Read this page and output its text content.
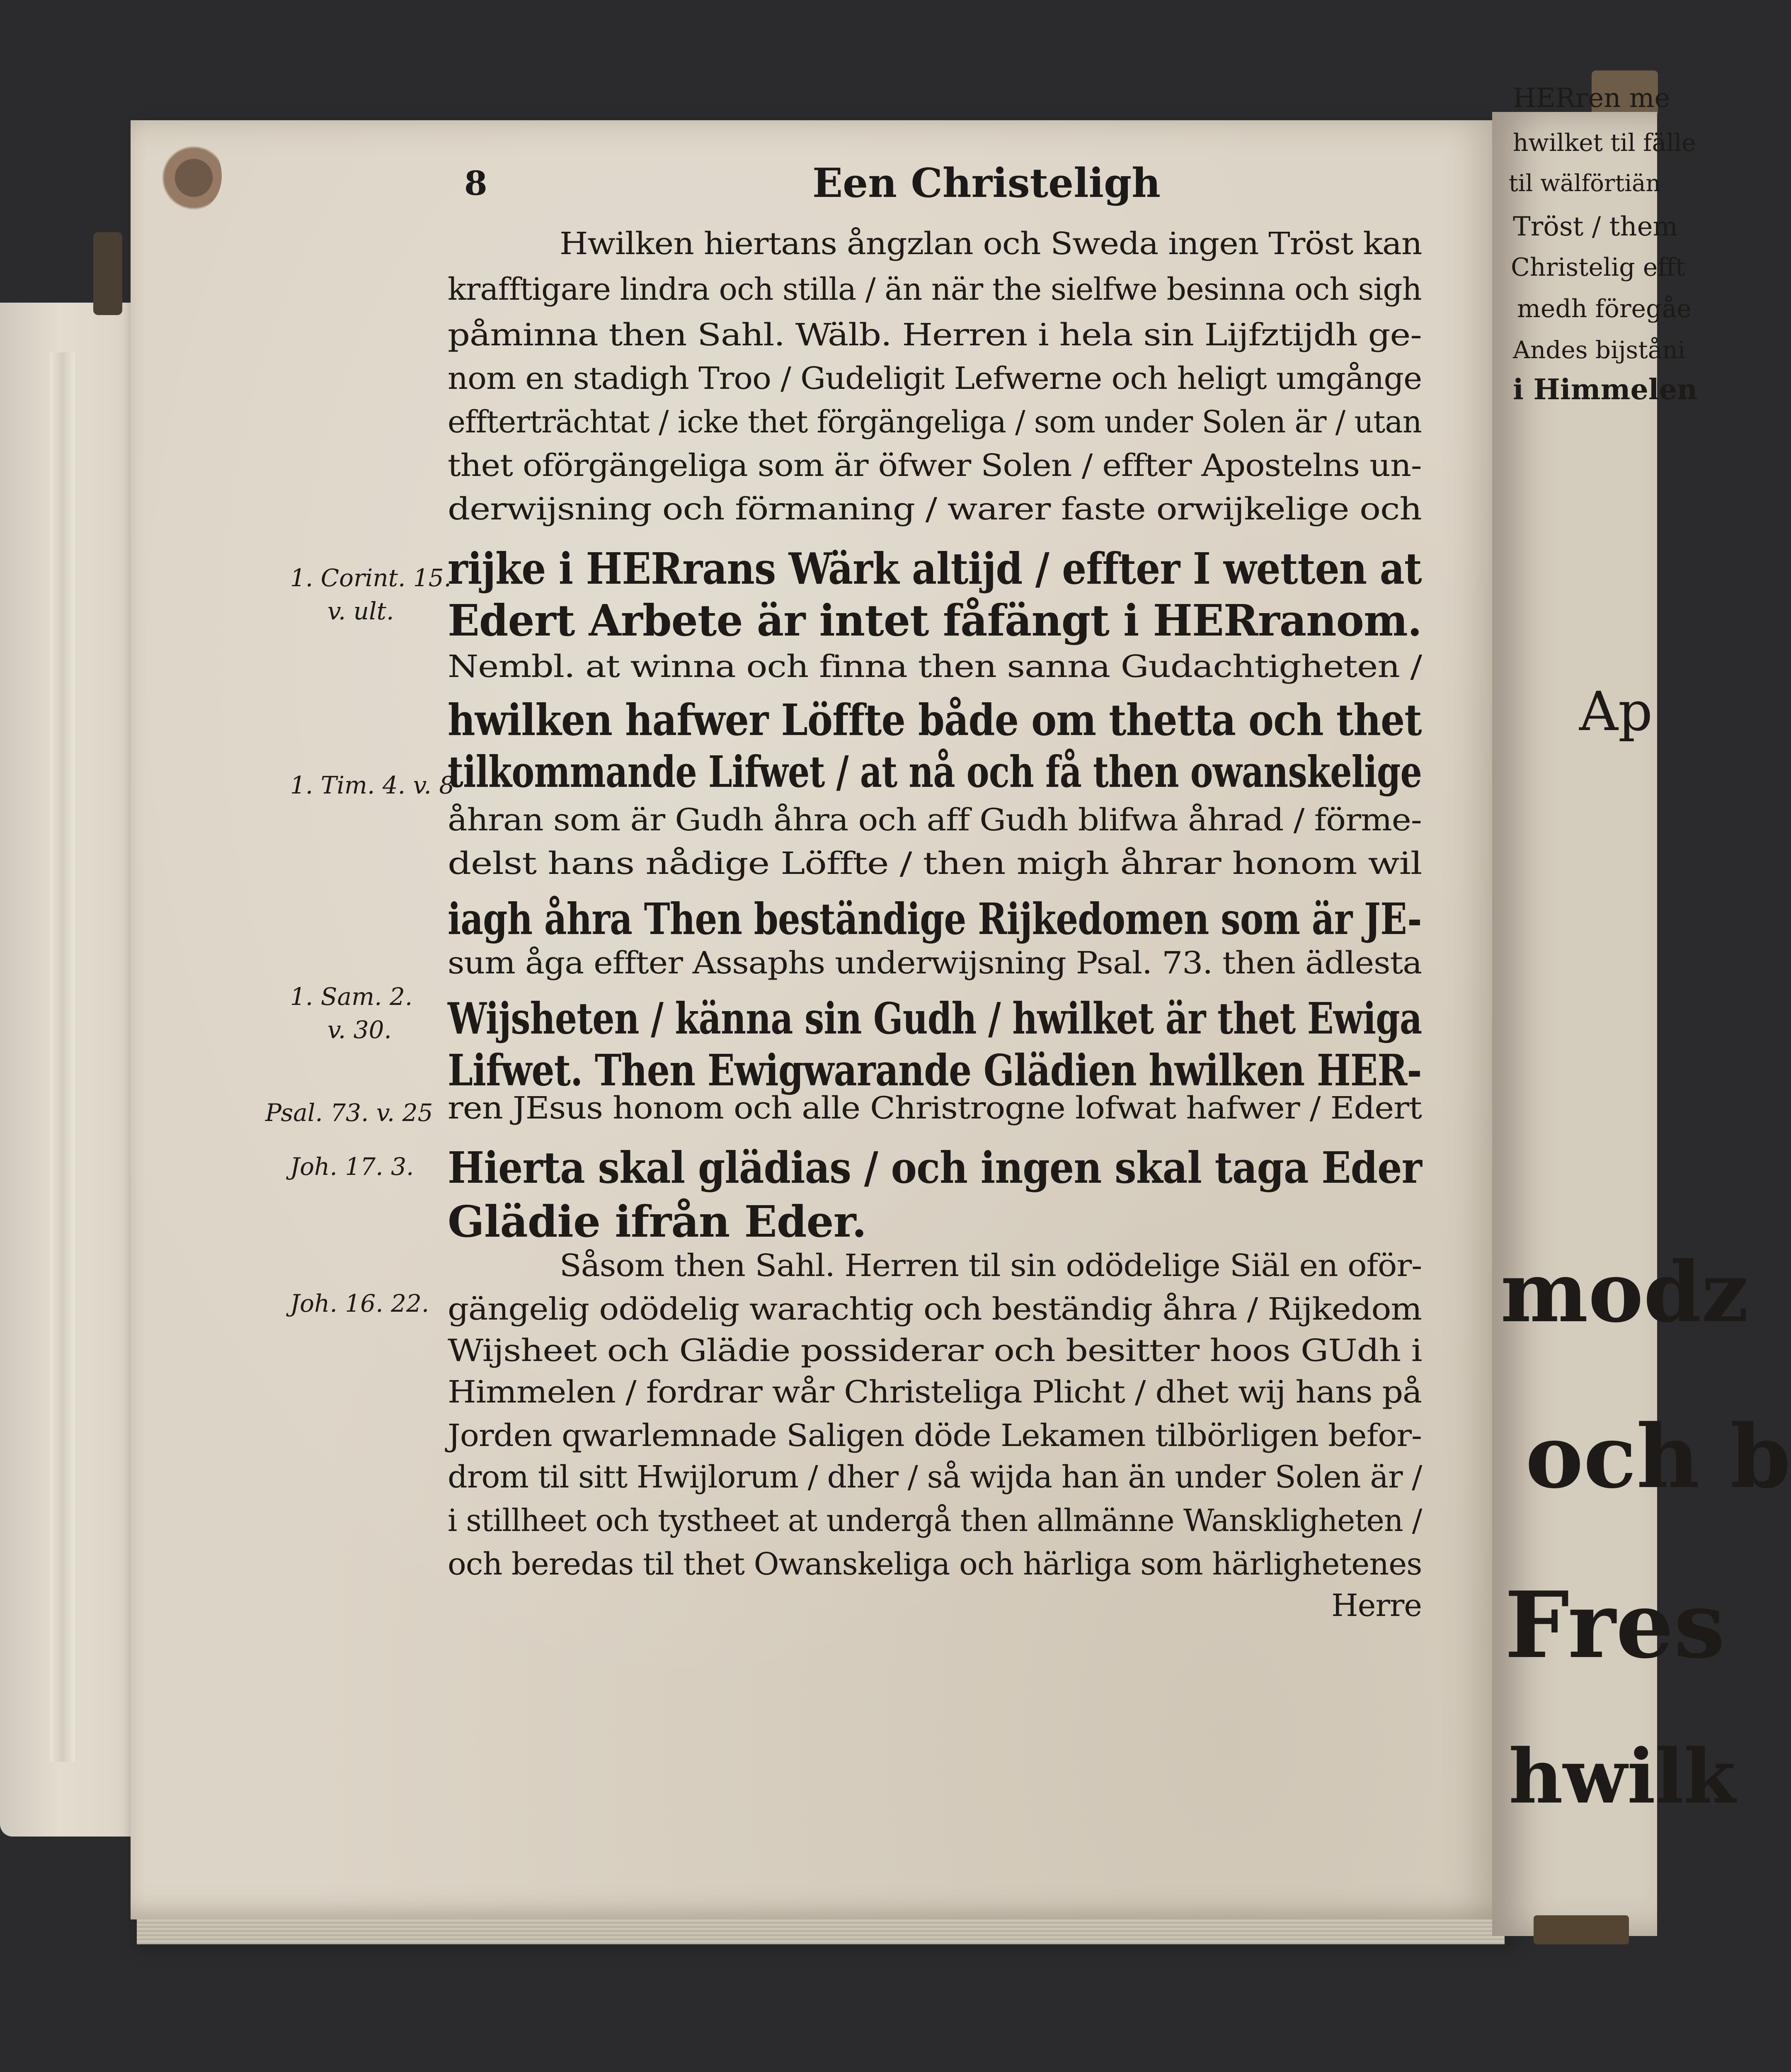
8	Een Christeligh
Hwilken hiertans ångzlan och Sweda ingen Tröst kan
krafftigare lindra och stilla / än när the sielfwe besinna och sigh
påminna then Sahl. Wälb. Herren i hela sin Lijfztijdh ge-
nom en stadigh Troo / Gudeligit Lefwerne och heligt umgånge
effterträchtat / icke thet förgängeliga / som under Solen är / utan
thet oförgängeliga som är öfwer Solen / effter Apostelns un-
derwijsning och förmaning / warer faste orwijkelige och
rijke i HERrans Wärk altijd / effter I wetten at
Edert Arbete är intet fåfängt i HERranom.
Nembl. at winna och finna then sanna Gudachtigheten /
hwilken hafwer Löffte både om thetta och thet
tilkommande Lifwet / at nå och få then owanskelige
åhran som är Gudh åhra och aff Gudh blifwa åhrad / förme-
delst hans nådige Löffte / then migh åhrar honom wil
iagh åhra Then beständige Rijkedomen som är JE-
sum åga effter Assaphs underwijsning Psal. 73. then ädlesta
Wijsheten / känna sin Gudh / hwilket är thet Ewiga
Lifwet. Then Ewigwarande Glädien hwilken HER-
ren JEsus honom och alle Christrogne lofwat hafwer / Edert
Hierta skal glädias / och ingen skal taga Eder
Glädie ifrån Eder.
Såsom then Sahl. Herren til sin odödelige Siäl en oför-
gängelig odödelig warachtig och beständig åhra / Rijkedom
Wijsheet och Glädie possiderar och besitter hoos GUdh i
Himmelen / fordrar wår Christeliga Plicht / dhet wij hans på
Jorden qwarlemnade Saligen döde Lekamen tilbörligen befor-
drom til sitt Hwijlorum / dher / så wijda han än under Solen är /
i stillheet och tystheet at undergå then allmänne Wanskligheten /
och beredas til thet Owanskeliga och härliga som härlighetenes
Herre
1. Corint. 15.
v. ult.
1. Tim. 4. v. 8
1. Sam. 2.
v. 30.
Psal. 73. v. 25
Joh. 17. 3.
Joh. 16. 22.
HERren me
hwilket til fälle
til wälförtiän
Tröst / them
Christelig efft
medh föregåe
Andes bijståni
i Himmelen
Ap
modz
och b
Fres
hwilk
